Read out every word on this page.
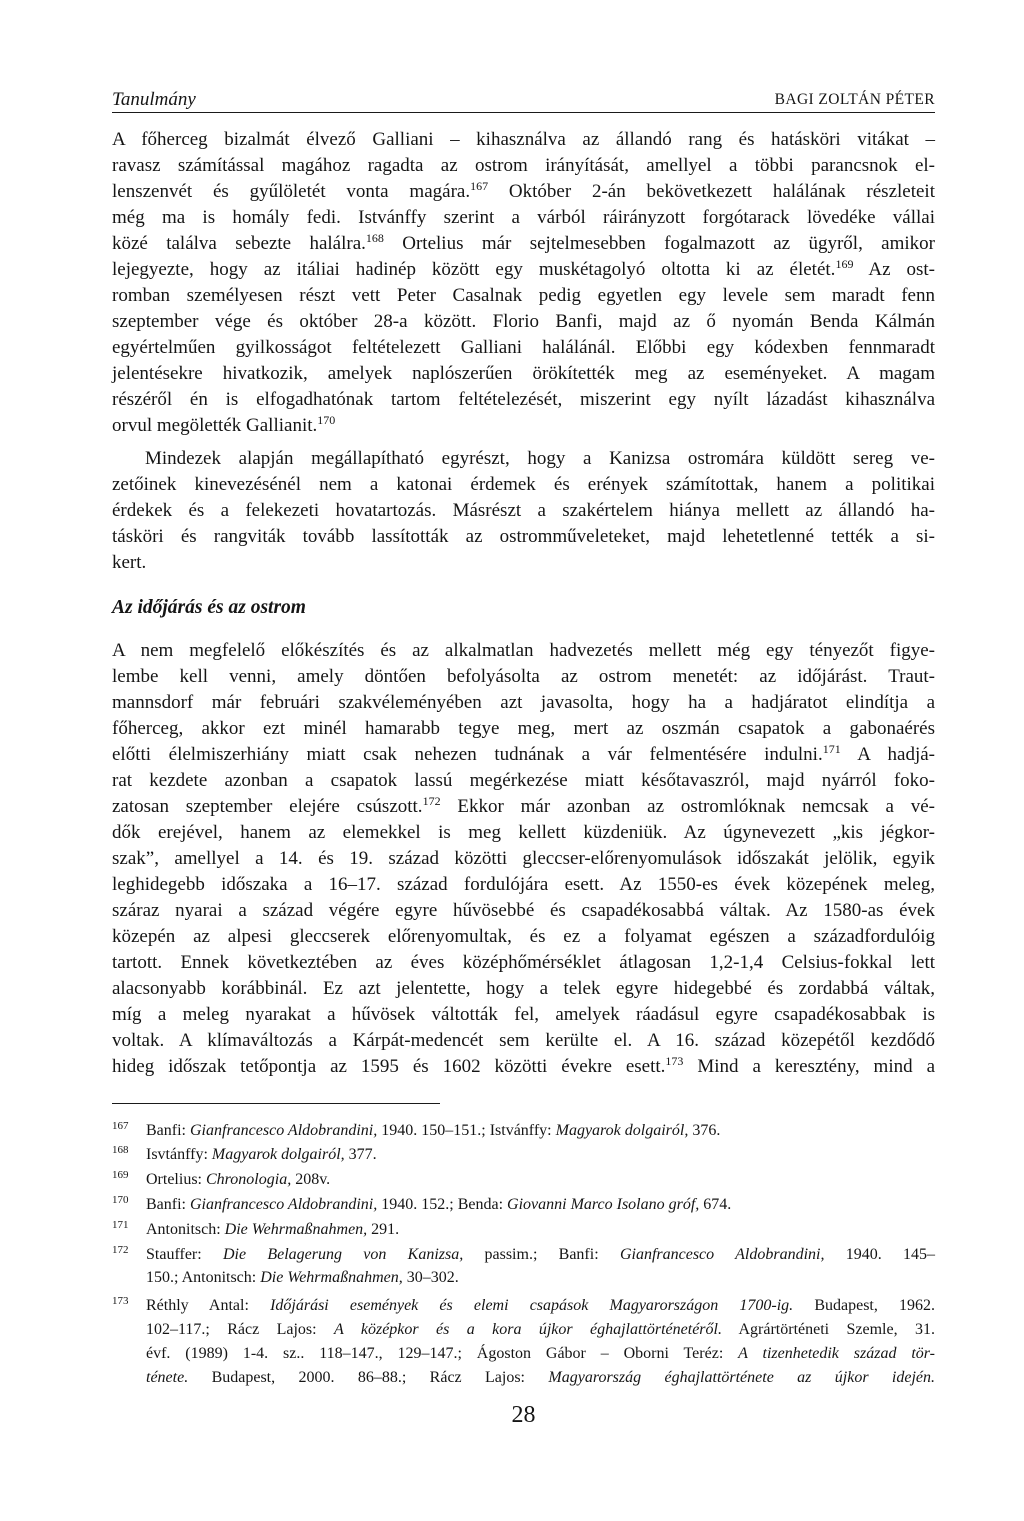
Tanulmány	BAGI ZOLTÁN PÉTER
A főherceg bizalmát élvező Galliani – kihasználva az állandó rang és hatásköri vitákat –
ravasz számítással magához ragadta az ostrom irányítását, amellyel a többi parancsnok el-
lenszenvét és gyűlöletét vonta magára.$^{167}$ Október 2-án bekövetkezett halálának részleteit
még ma is homály fedi. Istvánffy szerint a várból ráirányzott forgótarack lövedéke vállai
közé találva sebezte halálra.$^{168}$ Ortelius már sejtelmesebben fogalmazott az ügyről, amikor
lejegyezte, hogy az itáliai hadinép között egy muskétagolyó oltotta ki az életét.$^{169}$ Az ost-
romban személyesen részt vett Peter Casalnak pedig egyetlen egy levele sem maradt fenn
szeptember vége és október 28-a között. Florio Banfi, majd az ő nyomán Benda Kálmán
egyértelműen gyilkosságot feltételezett Galliani halálánál. Előbbi egy kódexben fennmaradt
jelentésekre hivatkozik, amelyek naplószerűen örökítették meg az eseményeket. A magam
részéről én is elfogadhatónak tartom feltételezését, miszerint egy nyílt lázadást kihasználva
orvul megölették Gallianit.$^{170}$
Mindezek alapján megállapítható egyrészt, hogy a Kanizsa ostromára küldött sereg ve-
zetőinek kinevezésénél nem a katonai érdemek és erények számítottak, hanem a politikai
érdekek és a felekezeti hovatartozás. Másrészt a szakértelem hiánya mellett az állandó ha-
tásköri és rangviták tovább lassították az ostromműveleteket, majd lehetetlenné tették a si-
kert.
Az időjárás és az ostrom
A nem megfelelő előkészítés és az alkalmatlan hadvezetés mellett még egy tényezőt figye-
lembe kell venni, amely döntően befolyásolta az ostrom menetét: az időjárást. Traut-
mannsdorf már februári szakvéleményében azt javasolta, hogy ha a hadjáratot elindítja a
főherceg, akkor ezt minél hamarabb tegye meg, mert az oszmán csapatok a gabonaérés
előtti élelmiszerhiány miatt csak nehezen tudnának a vár felmentésére indulni.$^{171}$ A hadjá-
rat kezdete azonban a csapatok lassú megérkezése miatt későtavaszról, majd nyárról foko-
zatosan szeptember elejére csúszott.$^{172}$ Ekkor már azonban az ostromlóknak nemcsak a vé-
dők erejével, hanem az elemekkel is meg kellett küzdeniük. Az úgynevezett „kis jégkor-
szak”, amellyel a 14. és 19. század közötti gleccser-előrenyomulások időszakát jelölik, egyik
leghidegebb időszaka a 16–17. század fordulójára esett. Az 1550-es évek közepének meleg,
száraz nyarai a század végére egyre hűvösebbé és csapadékosabbá váltak. Az 1580-as évek
közepén az alpesi gleccserek előrenyomultak, és ez a folyamat egészen a századfordulóig
tartott. Ennek következtében az éves középhőmérséklet átlagosan 1,2-1,4 Celsius-fokkal lett
alacsonyabb korábbinál. Ez azt jelentette, hogy a telek egyre hidegebbé és zordabbá váltak,
míg a meleg nyarakat a hűvösek váltották fel, amelyek ráadásul egyre csapadékosabbak is
voltak. A klímaváltozás a Kárpát-medencét sem kerülte el. A 16. század közepétől kezdődő
hideg időszak tetőpontja az 1595 és 1602 közötti évekre esett.$^{173}$ Mind a keresztény, mind a
167 Banfi: Gianfrancesco Aldobrandini, 1940. 150–151.; Istvánffy: Magyarok dolgairól, 376.
168 Isvtánffy: Magyarok dolgairól, 377.
169 Ortelius: Chronologia, 208v.
170 Banfi: Gianfrancesco Aldobrandini, 1940. 152.; Benda: Giovanni Marco Isolano gróf, 674.
171 Antonitsch: Die Wehrmaßnahmen, 291.
172 Stauffer: Die Belagerung von Kanizsa, passim.; Banfi: Gianfrancesco Aldobrandini, 1940. 145–
150.; Antonitsch: Die Wehrmaßnahmen, 30–302.
173 Réthly Antal: Időjárási események és elemi csapások Magyarországon 1700-ig. Budapest, 1962.
102–117.; Rácz Lajos: A középkor és a kora újkor éghajlattörténetéről. Agrártörténeti Szemle, 31.
évf. (1989) 1-4. sz.. 118–147., 129–147.; Ágoston Gábor – Oborni Teréz: A tizenhetedik század tör-
ténete. Budapest, 2000. 86–88.; Rácz Lajos: Magyarország éghajlattörténete az újkor idején.
28
